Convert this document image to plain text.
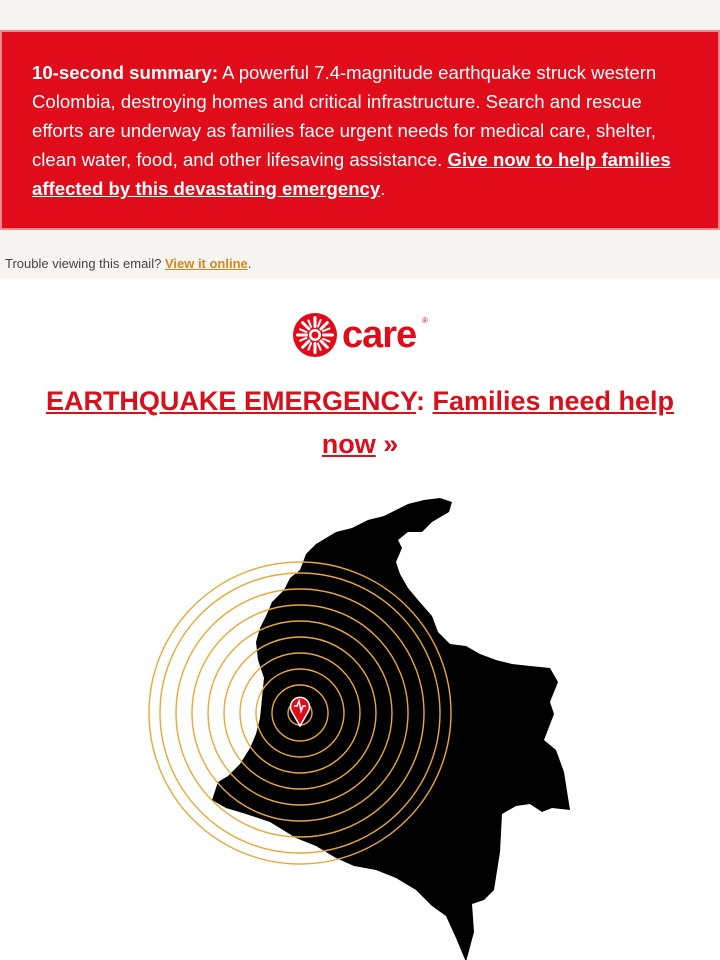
10-second summary: A powerful 7.4-magnitude earthquake struck western Colombia, destroying homes and critical infrastructure. Search and rescue efforts are underway as families face urgent needs for medical care, shelter, clean water, food, and other lifesaving assistance. Give now to help families affected by this devastating emergency.

Trouble viewing this email? View it online.
care ®
EARTHQUAKE EMERGENCY: Families need help now »
